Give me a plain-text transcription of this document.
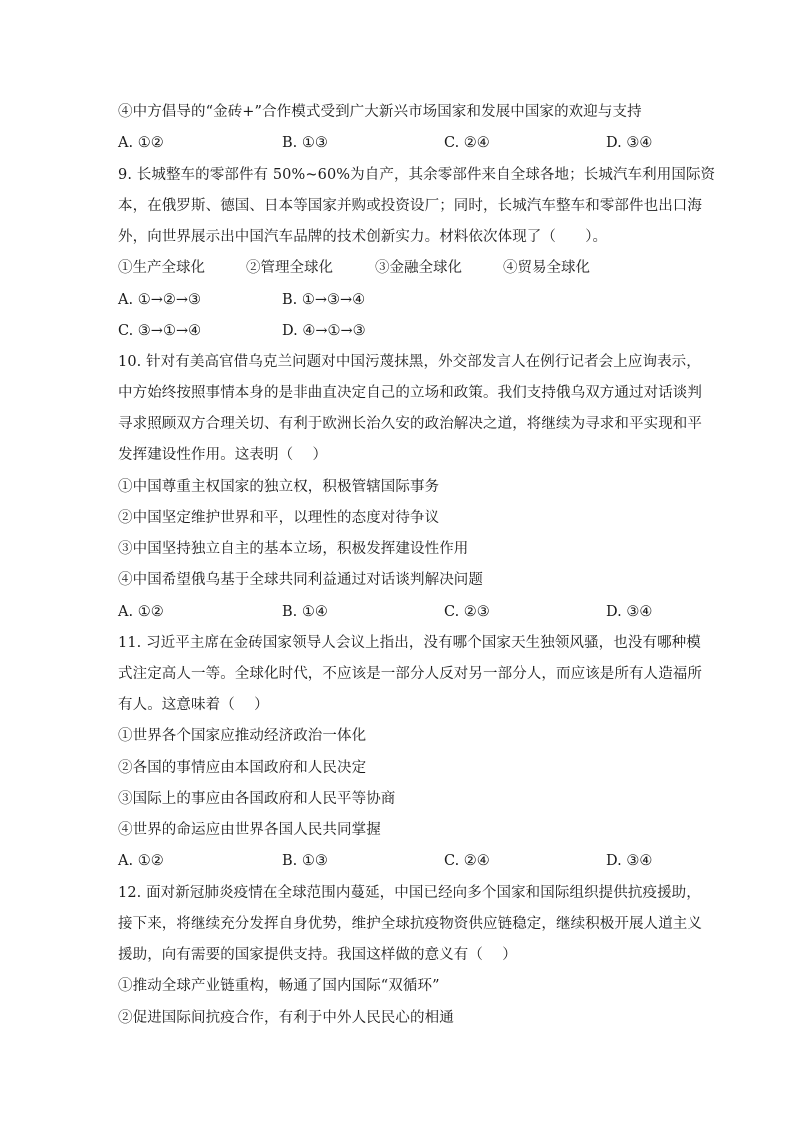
④中方倡导的“金砖+”合作模式受到广大新兴市场国家和发展中国家的欢迎与支持
A. ①②	B. ①③	C. ②④	D. ③④
9. 长城整车的零部件有 50%~60%为自产，其余零部件来自全球各地；长城汽车利用国际资
本，在俄罗斯、德国、日本等国家并购或投资设厂；同时，长城汽车整车和零部件也出口海
外，向世界展示出中国汽车品牌的技术创新实力。材料依次体现了（　　）。
①生产全球化	②管理全球化	③金融全球化	④贸易全球化
A. ①→②→③	B. ①→③→④
C. ③→①→④	D. ④→①→③
10. 针对有美高官借乌克兰问题对中国污蔑抹黑，外交部发言人在例行记者会上应询表示，
中方始终按照事情本身的是非曲直决定自己的立场和政策。我们支持俄乌双方通过对话谈判
寻求照顾双方合理关切、有利于欧洲长治久安的政治解决之道，将继续为寻求和平实现和平
发挥建设性作用。这表明（　 ）
①中国尊重主权国家的独立权，积极管辖国际事务
②中国坚定维护世界和平，以理性的态度对待争议
③中国坚持独立自主的基本立场，积极发挥建设性作用
④中国希望俄乌基于全球共同利益通过对话谈判解决问题
A. ①②	B. ①④	C. ②③	D. ③④
11. 习近平主席在金砖国家领导人会议上指出，没有哪个国家天生独领风骚，也没有哪种模
式注定高人一等。全球化时代，不应该是一部分人反对另一部分人，而应该是所有人造福所
有人。这意味着（　 ）
①世界各个国家应推动经济政治一体化
②各国的事情应由本国政府和人民决定
③国际上的事应由各国政府和人民平等协商
④世界的命运应由世界各国人民共同掌握
A. ①②	B. ①③	C. ②④	D. ③④
12. 面对新冠肺炎疫情在全球范围内蔓延，中国已经向多个国家和国际组织提供抗疫援助，
接下来，将继续充分发挥自身优势，维护全球抗疫物资供应链稳定，继续积极开展人道主义
援助，向有需要的国家提供支持。我国这样做的意义有（　 ）
①推动全球产业链重构，畅通了国内国际“双循环”
②促进国际间抗疫合作，有利于中外人民民心的相通
